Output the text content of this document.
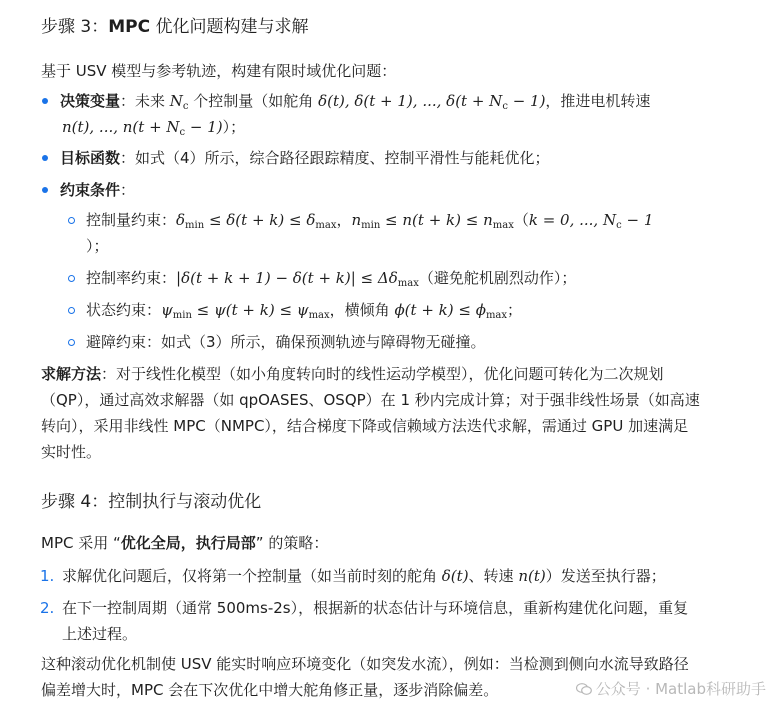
步骤 3：MPC 优化问题构建与求解
基于 USV 模型与参考轨迹，构建有限时域优化问题：
决策变量：未来 $N_c$ 个控制量（如舵角 δ(t), δ(t + 1), ..., $\delta(t + N_c - 1)$，推进电机转速
n(t), ..., $n(t + N_c - 1)$）；
目标函数：如式（4）所示，综合路径跟踪精度、控制平滑性与能耗优化；
约束条件：
控制量约束：$\delta_{min} \le \delta(t + k) \le \delta_{max}$，$n_{min} \le n(t + k) \le n_{max}(k = 0$, ..., $N_c - 1$
）；
控制率约束：$|\delta(t + k + 1) - \delta(t + k)| \le \Delta\delta_{max}$（避免舵机剧烈动作）；
状态约束：$\psi_{min} \le \psi(t + k) \le \psi_{max}$，横倾角 $\phi(t + k) \le \phi_{max}$；
避障约束：如式（3）所示，确保预测轨迹与障碍物无碰撞。
求解方法：对于线性化模型（如小角度转向时的线性运动学模型），优化问题可转化为二次规划
（QP），通过高效求解器（如 qpOASES、OSQP）在 1 秒内完成计算；对于强非线性场景（如高速
转向），采用非线性 MPC（NMPC），结合梯度下降或信赖域方法迭代求解，需通过 GPU 加速满足
实时性。
步骤 4：控制执行与滚动优化
MPC 采用 “优化全局，执行局部” 的策略：
1. 求解优化问题后，仅将第一个控制量（如当前时刻的舵角 δ(t)、转速 n(t)）发送至执行器；
2. 在下一控制周期（通常 500ms-2s），根据新的状态估计与环境信息，重新构建优化问题，重复
上述过程。
这种滚动优化机制使 USV 能实时响应环境变化（如突发水流），例如：当检测到侧向水流导致路径
偏差增大时，MPC 会在下次优化中增大舵角修正量，逐步消除偏差。	公众号 · Matlab科研助手
